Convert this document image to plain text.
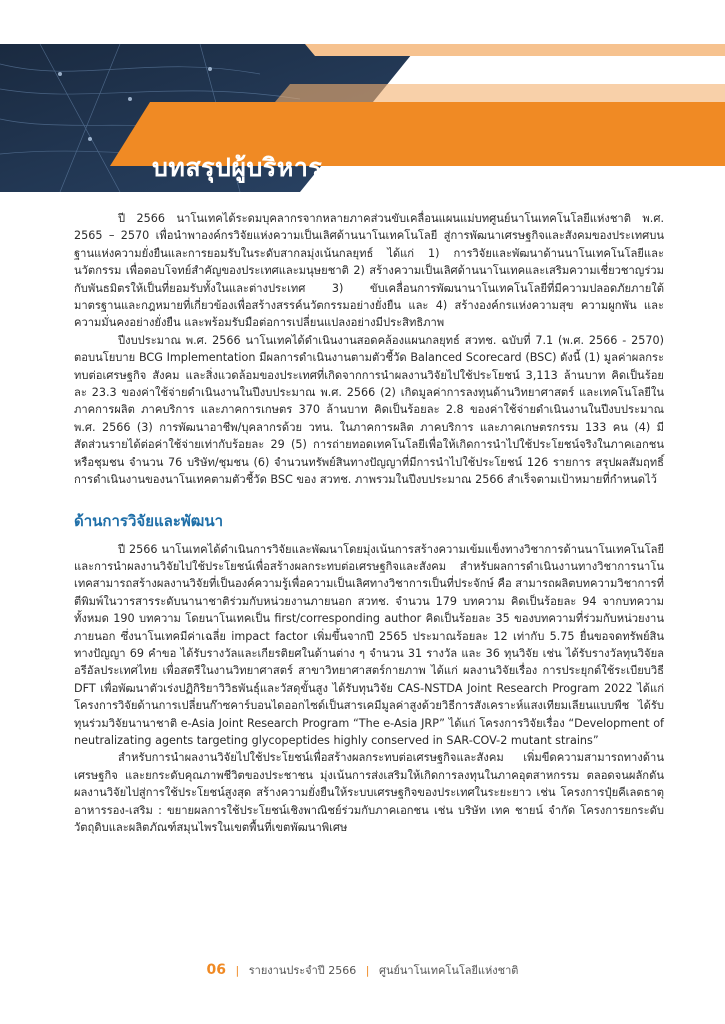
บทสรุปผู้บริหาร

ปี 2566 นาโนเทคได้ระดมบุคลากรจากหลายภาคส่วนขับเคลื่อนแผนแม่บทศูนย์นาโนเทคโนโลยีแห่งชาติ พ.ศ. 2565 – 2570 เพื่อนำพาองค์กรวิจัยแห่งความเป็นเลิศด้านนาโนเทคโนโลยี สู่การพัฒนาเศรษฐกิจและสังคมของประเทศบนฐานแห่งความยั่งยืนและการยอมรับในระดับสากลมุ่งเน้นกลยุทธ์ ได้แก่ 1) การวิจัยและพัฒนาด้านนาโนเทคโนโลยีและนวัตกรรม เพื่อตอบโจทย์สำคัญของประเทศและมนุษยชาติ 2) สร้างความเป็นเลิศด้านนาโนเทคและเสริมความเชี่ยวชาญร่วมกับพันธมิตรให้เป็นที่ยอมรับทั้งในและต่างประเทศ 3) ขับเคลื่อนการพัฒนานาโนเทคโนโลยีที่มีความปลอดภัยภายใต้มาตรฐานและกฎหมายที่เกี่ยวข้องเพื่อสร้างสรรค์นวัตกรรมอย่างยั่งยืน และ 4) สร้างองค์กรแห่งความสุข ความผูกพัน และความมั่นคงอย่างยั่งยืน และพร้อมรับมือต่อการเปลี่ยนแปลงอย่างมีประสิทธิภาพ

ปีงบประมาณ พ.ศ. 2566 นาโนเทคได้ดำเนินงานสอดคล้องแผนกลยุทธ์ สวทช. ฉบับที่ 7.1 (พ.ศ. 2566 - 2570) ตอบนโยบาย BCG Implementation มีผลการดำเนินงานตามตัวชี้วัด Balanced Scorecard (BSC) ดังนี้ (1) มูลค่าผลกระทบต่อเศรษฐกิจ สังคม และสิ่งแวดล้อมของประเทศที่เกิดจากการนำผลงานวิจัยไปใช้ประโยชน์ 3,113 ล้านบาท คิดเป็นร้อยละ 23.3 ของค่าใช้จ่ายดำเนินงานในปีงบประมาณ พ.ศ. 2566 (2) เกิดมูลค่าการลงทุนด้านวิทยาศาสตร์ และเทคโนโลยีในภาคการผลิต ภาคบริการ และภาคการเกษตร 370 ล้านบาท คิดเป็นร้อยละ 2.8 ของค่าใช้จ่ายดำเนินงานในปีงบประมาณ พ.ศ. 2566 (3) การพัฒนาอาชีพ/บุคลากรด้วย วทน. ในภาคการผลิต ภาคบริการ และภาคเกษตรกรรม 133 คน (4) มีสัดส่วนรายได้ต่อค่าใช้จ่ายเท่ากับร้อยละ 29 (5) การถ่ายทอดเทคโนโลยีเพื่อให้เกิดการนำไปใช้ประโยชน์จริงในภาคเอกชนหรือชุมชน จำนวน 76 บริษัท/ชุมชน (6) จำนวนทรัพย์สินทางปัญญาที่มีการนำไปใช้ประโยชน์ 126 รายการ สรุปผลสัมฤทธิ์การดำเนินงานของนาโนเทคตามตัวชี้วัด BSC ของ สวทช. ภาพรวมในปีงบประมาณ 2566 สำเร็จตามเป้าหมายที่กำหนดไว้

ด้านการวิจัยและพัฒนา

ปี 2566 นาโนเทคได้ดำเนินการวิจัยและพัฒนาโดยมุ่งเน้นการสร้างความเข้มแข็งทางวิชาการด้านนาโนเทคโนโลยี และการนำผลงานวิจัยไปใช้ประโยชน์เพื่อสร้างผลกระทบต่อเศรษฐกิจและสังคม สำหรับผลการดำเนินงานทางวิชาการนาโนเทคสามารถสร้างผลงานวิจัยที่เป็นองค์ความรู้เพื่อความเป็นเลิศทางวิชาการเป็นที่ประจักษ์ คือ สามารถผลิตบทความวิชาการที่ตีพิมพ์ในวารสารระดับนานาชาติร่วมกับหน่วยงานภายนอก สวทช. จำนวน 179 บทความ คิดเป็นร้อยละ 94 จากบทความทั้งหมด 190 บทความ โดยนาโนเทคเป็น first/corresponding author คิดเป็นร้อยละ 35 ของบทความที่ร่วมกับหน่วยงานภายนอก ซึ่งนาโนเทคมีค่าเฉลี่ย impact factor เพิ่มขึ้นจากปี 2565 ประมาณร้อยละ 12 เท่ากับ 5.75 ยื่นขอจดทรัพย์สินทางปัญญา 69 คำขอ ได้รับรางวัลและเกียรติยศในด้านต่าง ๆ จำนวน 31 รางวัล และ 36 ทุนวิจัย เช่น ได้รับรางวัลทุนวิจัยลอรีอัลประเทศไทย เพื่อสตรีในงานวิทยาศาสตร์ สาขาวิทยาศาสตร์กายภาพ ได้แก่ ผลงานวิจัยเรื่อง การประยุกต์ใช้ระเบียบวิธี DFT เพื่อพัฒนาตัวเร่งปฏิกิริยาวิวิธพันธุ์และวัสดุขั้นสูง ได้รับทุนวิจัย CAS-NSTDA Joint Research Program 2022 ได้แก่ โครงการวิจัยด้านการเปลี่ยนก๊าซคาร์บอนไดออกไซด์เป็นสารเคมีมูลค่าสูงด้วยวิธีการสังเคราะห์แสงเทียมเลียนแบบพืช ได้รับทุนร่วมวิจัยนานาชาติ e-Asia Joint Research Program “The e-Asia JRP” ได้แก่ โครงการวิจัยเรื่อง “Development of neutralizating agents targeting glycopeptides highly conserved in SAR-COV-2 mutant strains”

สำหรับการนำผลงานวิจัยไปใช้ประโยชน์เพื่อสร้างผลกระทบต่อเศรษฐกิจและสังคม เพิ่มขีดความสามารถทางด้านเศรษฐกิจ และยกระดับคุณภาพชีวิตของประชาชน มุ่งเน้นการส่งเสริมให้เกิดการลงทุนในภาคอุตสาหกรรม ตลอดจนผลักดันผลงานวิจัยไปสู่การใช้ประโยชน์สูงสุด สร้างความยั่งยืนให้ระบบเศรษฐกิจของประเทศในระยะยาว เช่น โครงการปุ๋ยคีเลตธาตุอาหารรอง-เสริม : ขยายผลการใช้ประโยชน์เชิงพาณิชย์ร่วมกับภาคเอกชน เช่น บริษัท เทค ชายน์ จำกัด โครงการยกระดับวัตถุดิบและผลิตภัณฑ์สมุนไพรในเขตพื้นที่เขตพัฒนาพิเศษ

06 | รายงานประจำปี 2566 | ศูนย์นาโนเทคโนโลยีแห่งชาติ
